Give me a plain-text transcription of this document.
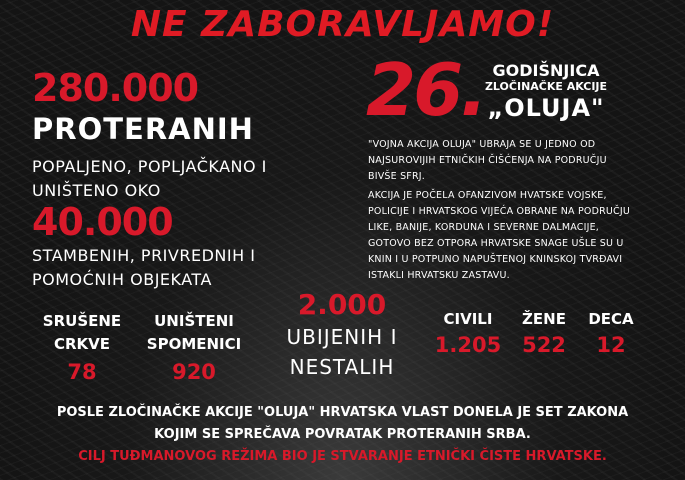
NE ZABORAVLJAMO!
280.000
PROTERANIH
POPALJENO, POPLJAČKANO I
UNIŠTENO OKO
40.000
STAMBENIH, PRIVREDNIH I
POMOĆNIH OBJEKATA
26. GODIŠNJICA
ZLOČINAČKE AKCIJE
„OLUJA"
"VOJNA AKCIJA OLUJA" UBRAJA SE U JEDNO OD
NAJSUROVIJIH ETNIČKIH ČIŠĆENJA NA PODRUČJU
BIVŠE SFRJ.
AKCIJA JE POČELA OFANZIVOM HVATSKE VOJSKE,
POLICIJE I HRVATSKOG VIJEĆA OBRANE NA PODRUČJU
LIKE, BANIJE, KORDUNA I SEVERNE DALMACIJE,
GOTOVO BEZ OTPORA HRVATSKE SNAGE UŠLE SU U
KNIN I U POTPUNO NAPUŠTENOJ KNINSKOJ TVRĐAVI
ISTAKLI HRVATSKU ZASTAVU.
SRUŠENE
CRKVE
78
UNIŠTENI
SPOMENICI
920
2.000
UBIJENIH I
NESTALIH
CIVILI
1.205
ŽENE
522
DECA
12
POSLE ZLOČINAČKE AKCIJE "OLUJA" HRVATSKA VLAST DONELA JE SET ZAKONA
KOJIM SE SPREČAVA POVRATAK PROTERANIH SRBA.
CILJ TUĐMANOVOG REŽIMA BIO JE STVARANJE ETNIČKI ČISTE HRVATSKE.
